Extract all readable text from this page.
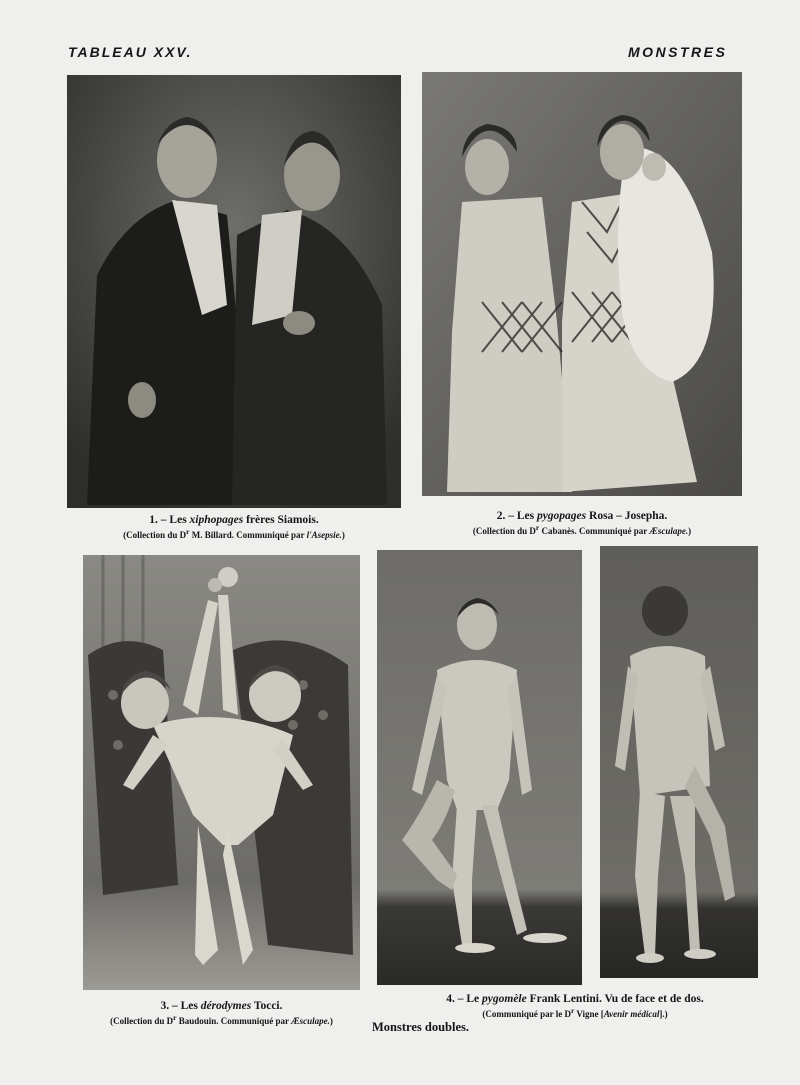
TABLEAU XXV.	MONSTRES
1. – Les xiphopages frères Siamois.
(Collection du $D^r$ M. Billard. Communiqué par l'Asepsie.)
2. – Les pygopages Rosa – Josepha.
(Collection du $D^r$ Cabanès. Communiqué par Æsculape.)
3. – Les dérodymes Tocci.
(Collection du $D^r$ Baudouin. Communiqué par Æsculape.)
4. – Le pygomèle Frank Lentini. Vu de face et de dos.
(Communiqué par le $D^r$ Vigne [Avenir médical].)
Monstres doubles.
